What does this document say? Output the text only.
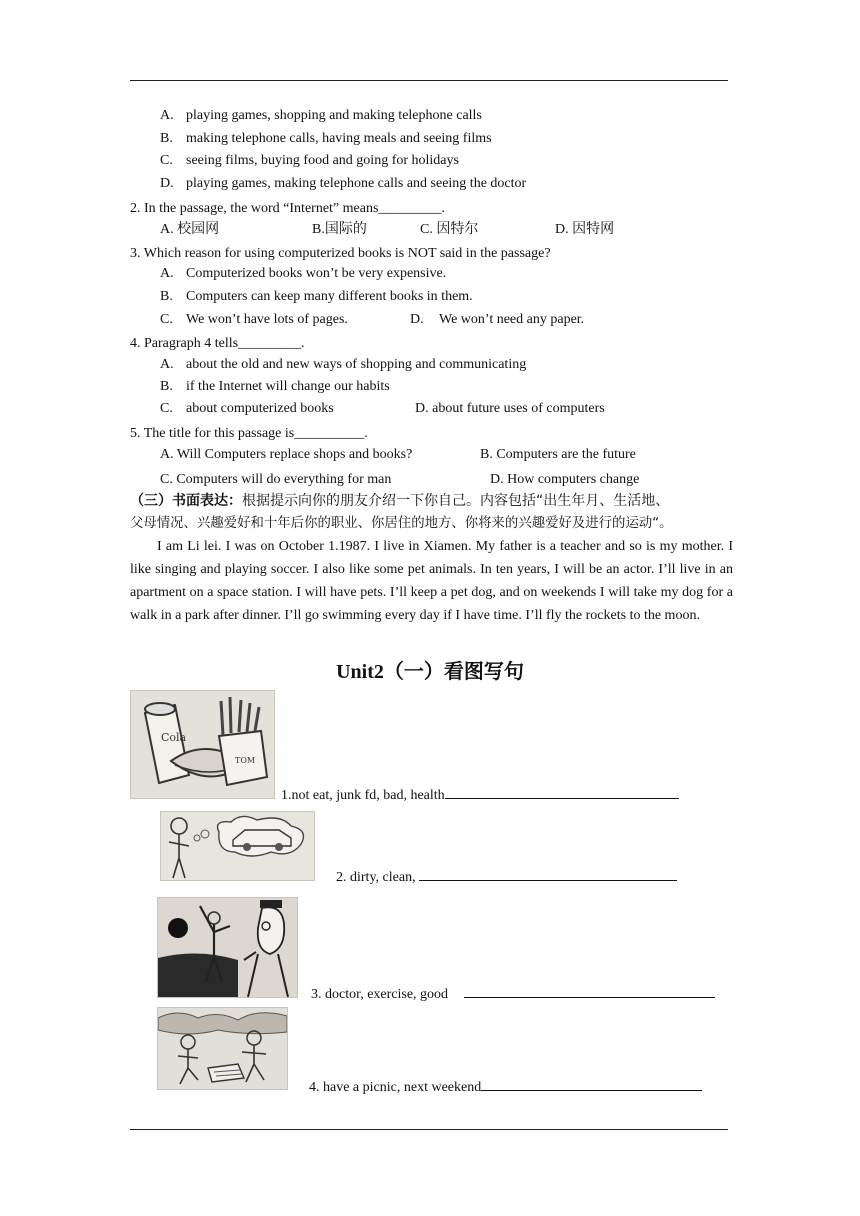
A. playing games, shopping and making telephone calls
B. making telephone calls, having meals and seeing films
C. seeing films, buying food and going for holidays
D. playing games, making telephone calls and seeing the doctor
2. In the passage, the word “Internet” means_________.
A. 校园网	B.国际的	C. 因特尔	D. 因特网
3. Which reason for using computerized books is NOT said in the passage?
A. Computerized books won’t be very expensive.
B. Computers can keep many different books in them.
C. We won’t have lots of pages.	D. We won’t need any paper.
4. Paragraph 4 tells_________.
A. about the old and new ways of shopping and communicating
B. if the Internet will change our habits
C. about computerized books	D. about future uses of computers
5. The title for this passage is__________.
A. Will Computers replace shops and books?	B. Computers are the future
C. Computers will do everything for man	D. How computers change
（三）书面表达：根据提示向你的朋友介绍一下你自己。内容包括“出生年月、生活地、
父母情况、兴趣爱好和十年后你的职业、你居住的地方、你将来的兴趣爱好及进行的运动“。
I am Li lei. I was on October 1.1987. I live in Xiamen. My father is a teacher and so is my mother. I like singing and playing soccer. I also like some pet animals. In ten years, I will be an actor. I’ll live in an apartment on a space station. I will have pets. I’ll keep a pet dog, and on weekends I will take my dog for a walk in a park after dinner. I’ll go swimming every day if I have time. I’ll fly the rockets to the moon.
Unit2（一）看图写句
Cola
TOM
1.not eat, junk fd, bad, health
2. dirty, clean,
3. doctor, exercise, good
4. have a picnic, next weekend
